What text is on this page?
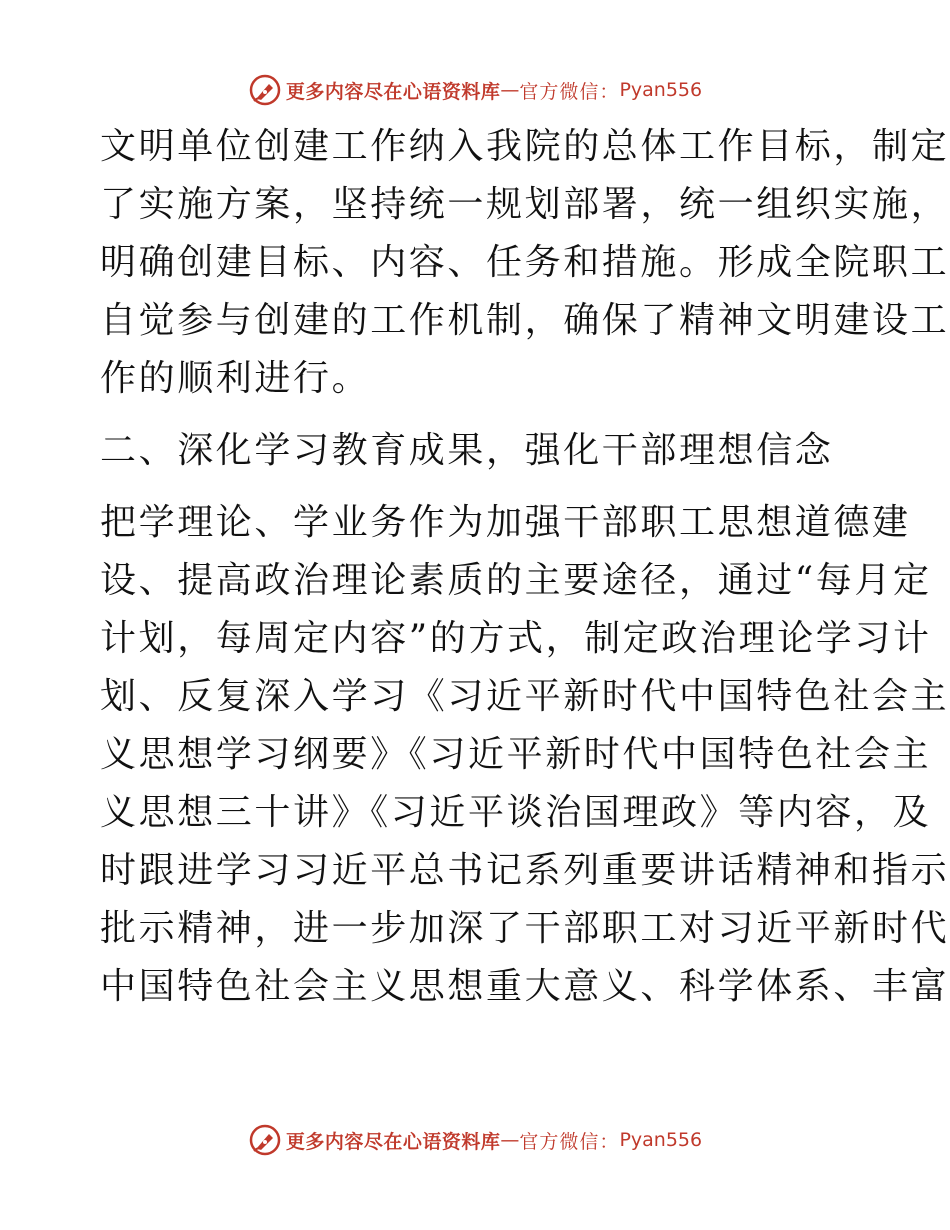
更多内容尽在心语资料库 — 官方微信： Pyan556
文明单位创建工作纳入我院的总体工作目标，制定
了实施方案，坚持统一规划部署，统一组织实施，
明确创建目标、内容、任务和措施。形成全院职工
自觉参与创建的工作机制，确保了精神文明建设工
作的顺利进行。
二、深化学习教育成果，强化干部理想信念
把学理论、学业务作为加强干部职工思想道德建
设、提高政治理论素质的主要途径，通过“每月定
计划，每周定内容”的方式，制定政治理论学习计
划、反复深入学习《习近平新时代中国特色社会主
义思想学习纲要》《习近平新时代中国特色社会主
义思想三十讲》《习近平谈治国理政》等内容，及
时跟进学习习近平总书记系列重要讲话精神和指示
批示精神，进一步加深了干部职工对习近平新时代
中国特色社会主义思想重大意义、科学体系、丰富
更多内容尽在心语资料库 — 官方微信： Pyan556
